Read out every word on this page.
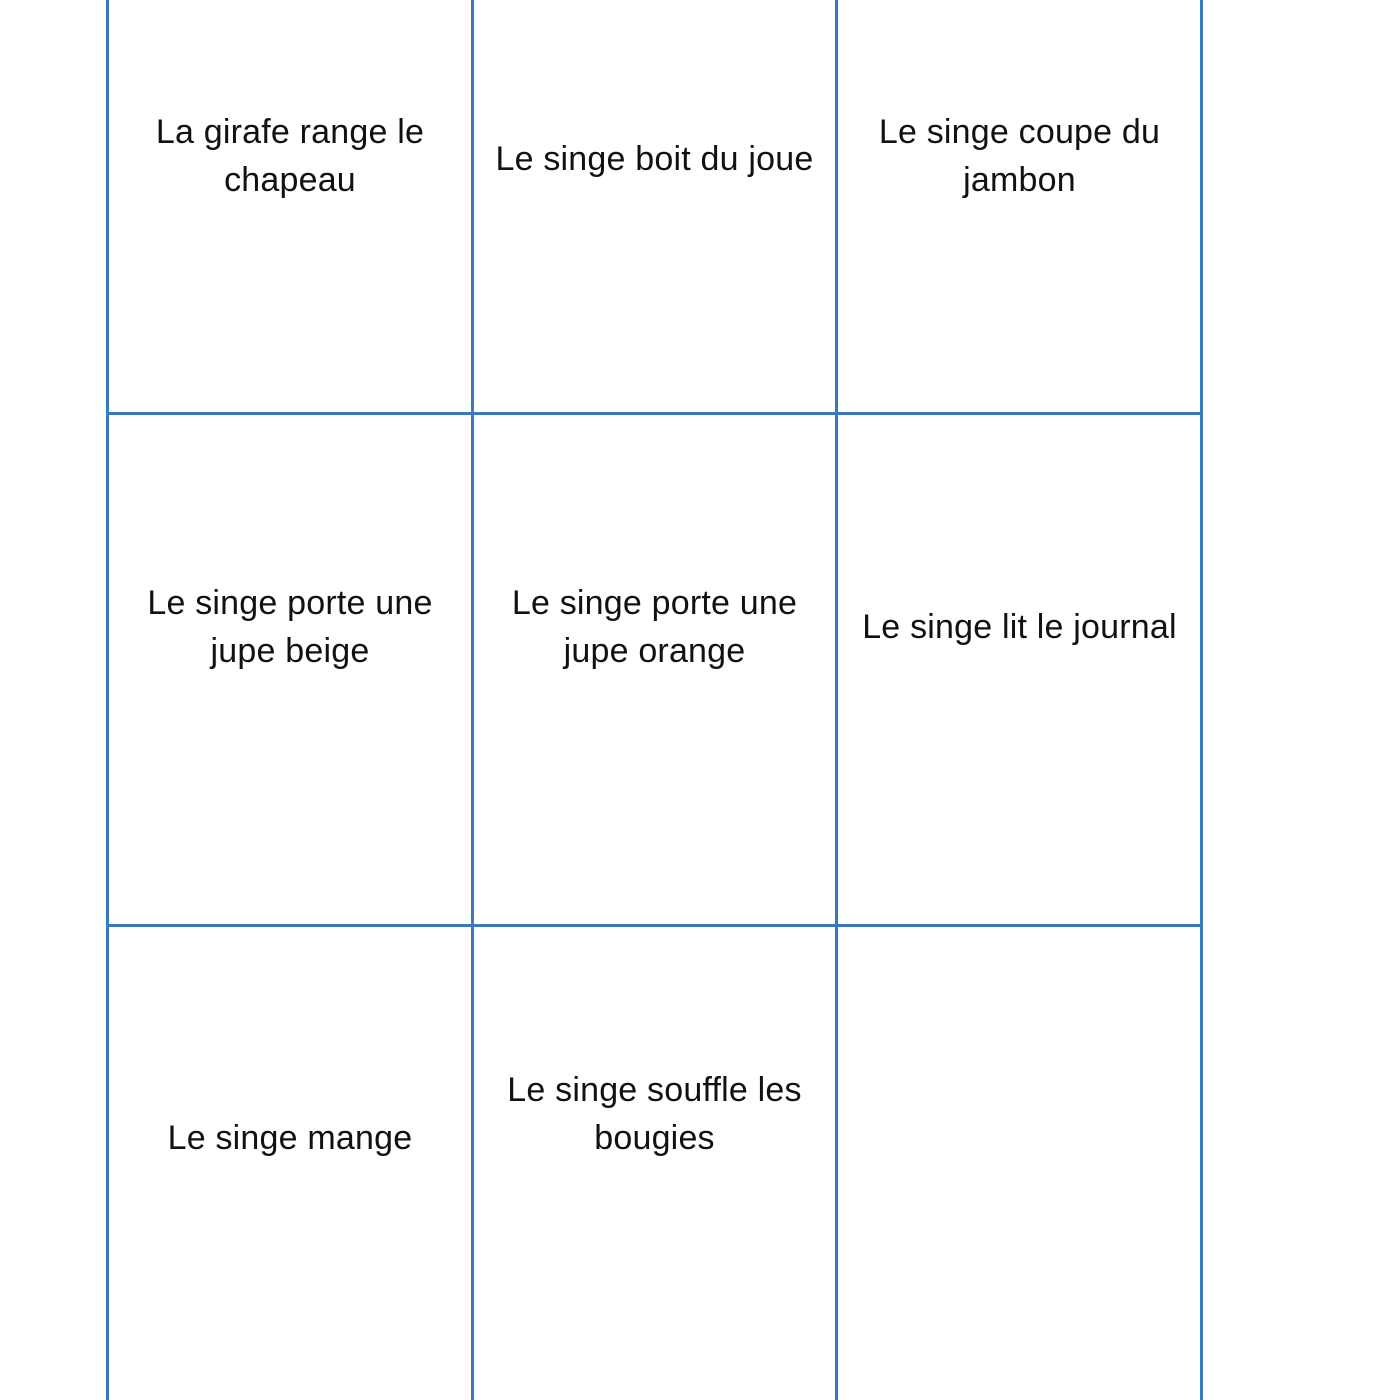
La girafe range le chapeau
Le singe boit du joue
Le singe coupe du jambon
Le singe porte une jupe beige
Le singe porte une jupe orange
Le singe lit le journal
Le singe mange
Le singe souffle les bougies
